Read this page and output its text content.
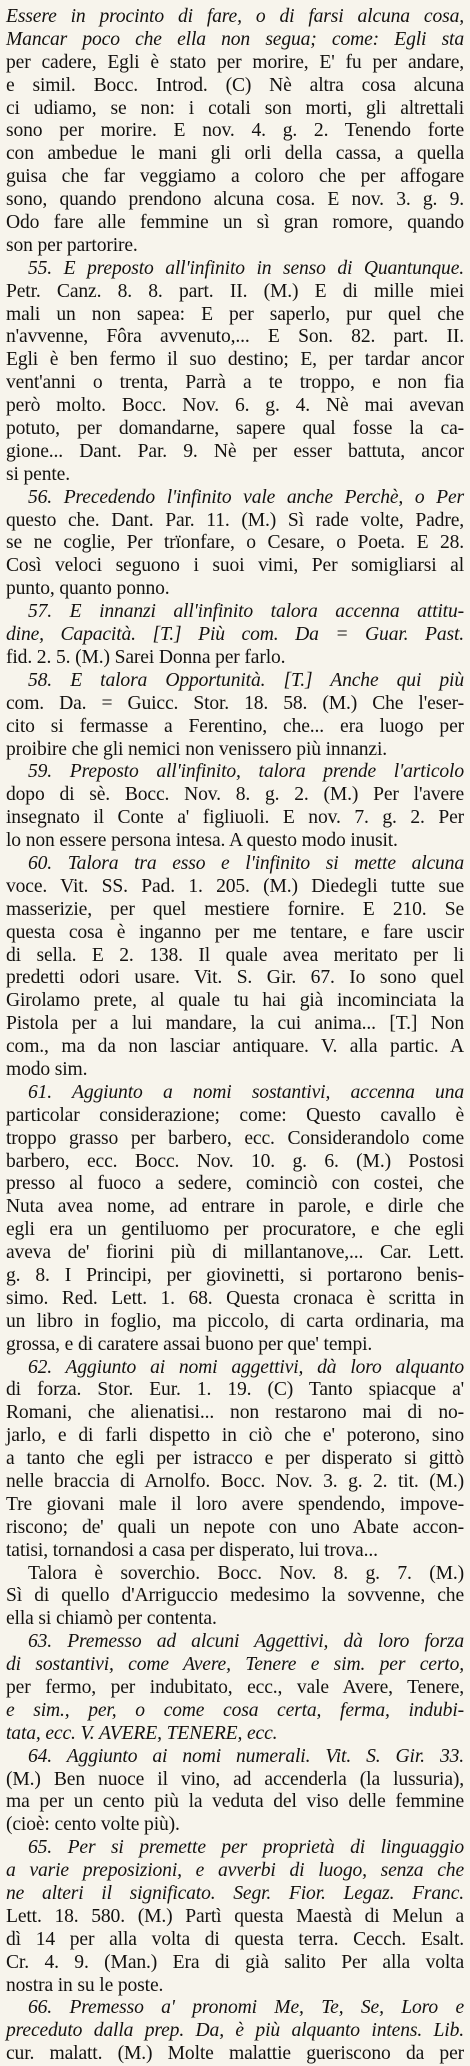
Essere in procinto di fare, o di farsi alcuna cosa,
Mancar poco che ella non segua; come: Egli sta
per cadere, Egli è stato per morire, E' fu per andare,
e simil. Bocc. Introd. (C) Nè altra cosa alcuna
ci udiamo, se non: i cotali son morti, gli altrettali
sono per morire. E nov. 4. g. 2. Tenendo forte
con ambedue le mani gli orli della cassa, a quella
guisa che far veggiamo a coloro che per affogare
sono, quando prendono alcuna cosa. E nov. 3. g. 9.
Odo fare alle femmine un sì gran romore, quando
son per partorire.
55. E preposto all'infinito in senso di Quantunque.
Petr. Canz. 8. 8. part. II. (M.) E di mille miei
mali un non sapea: E per saperlo, pur quel che
n'avvenne, Fôra avvenuto,... E Son. 82. part. II.
Egli è ben fermo il suo destino; E, per tardar ancor
vent'anni o trenta, Parrà a te troppo, e non fia
però molto. Bocc. Nov. 6. g. 4. Nè mai avevan
potuto, per domandarne, sapere qual fosse la ca-
gione... Dant. Par. 9. Nè per esser battuta, ancor
si pente.
56. Precedendo l'infinito vale anche Perchè, o Per
questo che. Dant. Par. 11. (M.) Sì rade volte, Padre,
se ne coglie, Per trïonfare, o Cesare, o Poeta. E 28.
Così veloci seguono i suoi vimi, Per somigliarsi al
punto, quanto ponno.
57. E innanzi all'infinito talora accenna attitu-
dine, Capacità. [T.] Più com. Da = Guar. Past.
fid. 2. 5. (M.) Sarei Donna per farlo.
58. E talora Opportunità. [T.] Anche qui più
com. Da. = Guicc. Stor. 18. 58. (M.) Che l'eser-
cito si fermasse a Ferentino, che... era luogo per
proibire che gli nemici non venissero più innanzi.
59. Preposto all'infinito, talora prende l'articolo
dopo di sè. Bocc. Nov. 8. g. 2. (M.) Per l'avere
insegnato il Conte a' figliuoli. E nov. 7. g. 2. Per
lo non essere persona intesa. A questo modo inusit.
60. Talora tra esso e l'infinito si mette alcuna
voce. Vit. SS. Pad. 1. 205. (M.) Diedegli tutte sue
masserizie, per quel mestiere fornire. E 210. Se
questa cosa è inganno per me tentare, e fare uscir
di sella. E 2. 138. Il quale avea meritato per li
predetti odori usare. Vit. S. Gir. 67. Io sono quel
Girolamo prete, al quale tu hai già incominciata la
Pistola per a lui mandare, la cui anima... [T.] Non
com., ma da non lasciar antiquare. V. alla partic. A
modo sim.
61. Aggiunto a nomi sostantivi, accenna una
particolar considerazione; come: Questo cavallo è
troppo grasso per barbero, ecc. Considerandolo come
barbero, ecc. Bocc. Nov. 10. g. 6. (M.) Postosi
presso al fuoco a sedere, cominciò con costei, che
Nuta avea nome, ad entrare in parole, e dirle che
egli era un gentiluomo per procuratore, e che egli
aveva de' fiorini più di millantanove,... Car. Lett.
g. 8. I Principi, per giovinetti, si portarono benis-
simo. Red. Lett. 1. 68. Questa cronaca è scritta in
un libro in foglio, ma piccolo, di carta ordinaria, ma
grossa, e di caratere assai buono per que' tempi.
62. Aggiunto ai nomi aggettivi, dà loro alquanto
di forza. Stor. Eur. 1. 19. (C) Tanto spiacque a'
Romani, che alienatisi... non restarono mai di no-
jarlo, e di farli dispetto in ciò che e' poterono, sino
a tanto che egli per istracco e per disperato si gittò
nelle braccia di Arnolfo. Bocc. Nov. 3. g. 2. tit. (M.)
Tre giovani male il loro avere spendendo, impove-
riscono; de' quali un nepote con uno Abate accon-
tatisi, tornandosi a casa per disperato, lui trova...
Talora è soverchio. Bocc. Nov. 8. g. 7. (M.)
Sì di quello d'Arriguccio medesimo la sovvenne, che
ella si chiamò per contenta.
63. Premesso ad alcuni Aggettivi, dà loro forza
di sostantivi, come Avere, Tenere e sim. per certo,
per fermo, per indubitato, ecc., vale Avere, Tenere,
e sim., per, o come cosa certa, ferma, indubi-
tata, ecc. V. AVERE, TENERE, ecc.
64. Aggiunto ai nomi numerali. Vit. S. Gir. 33.
(M.) Ben nuoce il vino, ad accenderla (la lussuria),
ma per un cento più la veduta del viso delle femmine
(cioè: cento volte più).
65. Per si premette per proprietà di linguaggio
a varie preposizioni, e avverbi di luogo, senza che
ne alteri il significato. Segr. Fior. Legaz. Franc.
Lett. 18. 580. (M.) Partì questa Maestà di Melun a
dì 14 per alla volta di questa terra. Cecch. Esalt.
Cr. 4. 9. (Man.) Era di già salito Per alla volta
nostra in su le poste.
66. Premesso a' pronomi Me, Te, Se, Loro e
preceduto dalla prep. Da, è più alquanto intens. Lib.
cur. malatt. (M.) Molte malattie gueriscono da per
